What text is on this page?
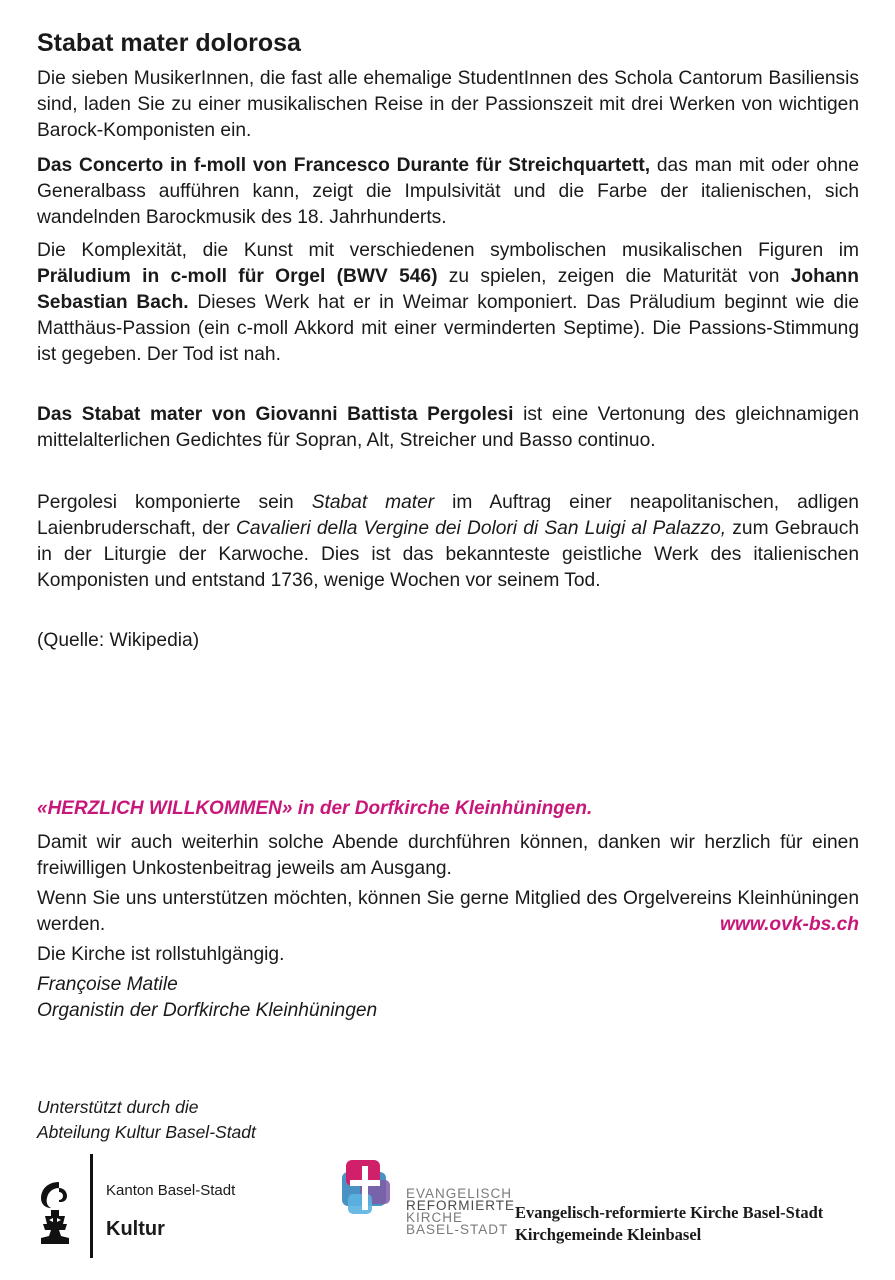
Stabat mater dolorosa

Die sieben MusikerInnen, die fast alle ehemalige StudentInnen des Schola Cantorum Basiliensis sind, laden Sie zu einer musikalischen Reise in der Passionszeit mit drei Werken von wichtigen Barock-Komponisten ein.

Das Concerto in f-moll von Francesco Durante für Streichquartett, das man mit oder ohne Generalbass aufführen kann, zeigt die Impulsivität und die Farbe der italienischen, sich wandelnden Barockmusik des 18. Jahrhunderts.

Die Komplexität, die Kunst mit verschiedenen symbolischen musikalischen Figuren im Präludium in c-moll für Orgel (BWV 546) zu spielen, zeigen die Maturität von Johann Sebastian Bach. Dieses Werk hat er in Weimar komponiert. Das Präludium beginnt wie die Matthäus-Passion (ein c-moll Akkord mit einer verminderten Septime). Die Passions-Stimmung ist gegeben. Der Tod ist nah.

Das Stabat mater von Giovanni Battista Pergolesi ist eine Vertonung des gleichnamigen mittelalterlichen Gedichtes für Sopran, Alt, Streicher und Basso continuo.

Pergolesi komponierte sein Stabat mater im Auftrag einer neapolitanischen, adligen Laienbruderschaft, der Cavalieri della Vergine dei Dolori di San Luigi al Palazzo, zum Gebrauch in der Liturgie der Karwoche. Dies ist das bekannteste geistliche Werk des italienischen Komponisten und entstand 1736, wenige Wochen vor seinem Tod.

(Quelle: Wikipedia)

«HERZLICH WILLKOMMEN» in der Dorfkirche Kleinhüningen.

Damit wir auch weiterhin solche Abende durchführen können, danken wir herzlich für einen freiwilligen Unkostenbeitrag jeweils am Ausgang.

Wenn Sie uns unterstützen möchten, können Sie gerne Mitglied des Orgelvereins Kleinhüningen werden.	www.ovk-bs.ch

Die Kirche ist rollstuhlgängig.

Françoise Matile
Organistin der Dorfkirche Kleinhüningen

Unterstützt durch die
Abteilung Kultur Basel-Stadt

Kanton Basel-Stadt
Kultur
EVANGELISCH
REFORMIERTE
KIRCHE
BASEL-STADT
Evangelisch-reformierte Kirche Basel-Stadt
Kirchgemeinde Kleinbasel
